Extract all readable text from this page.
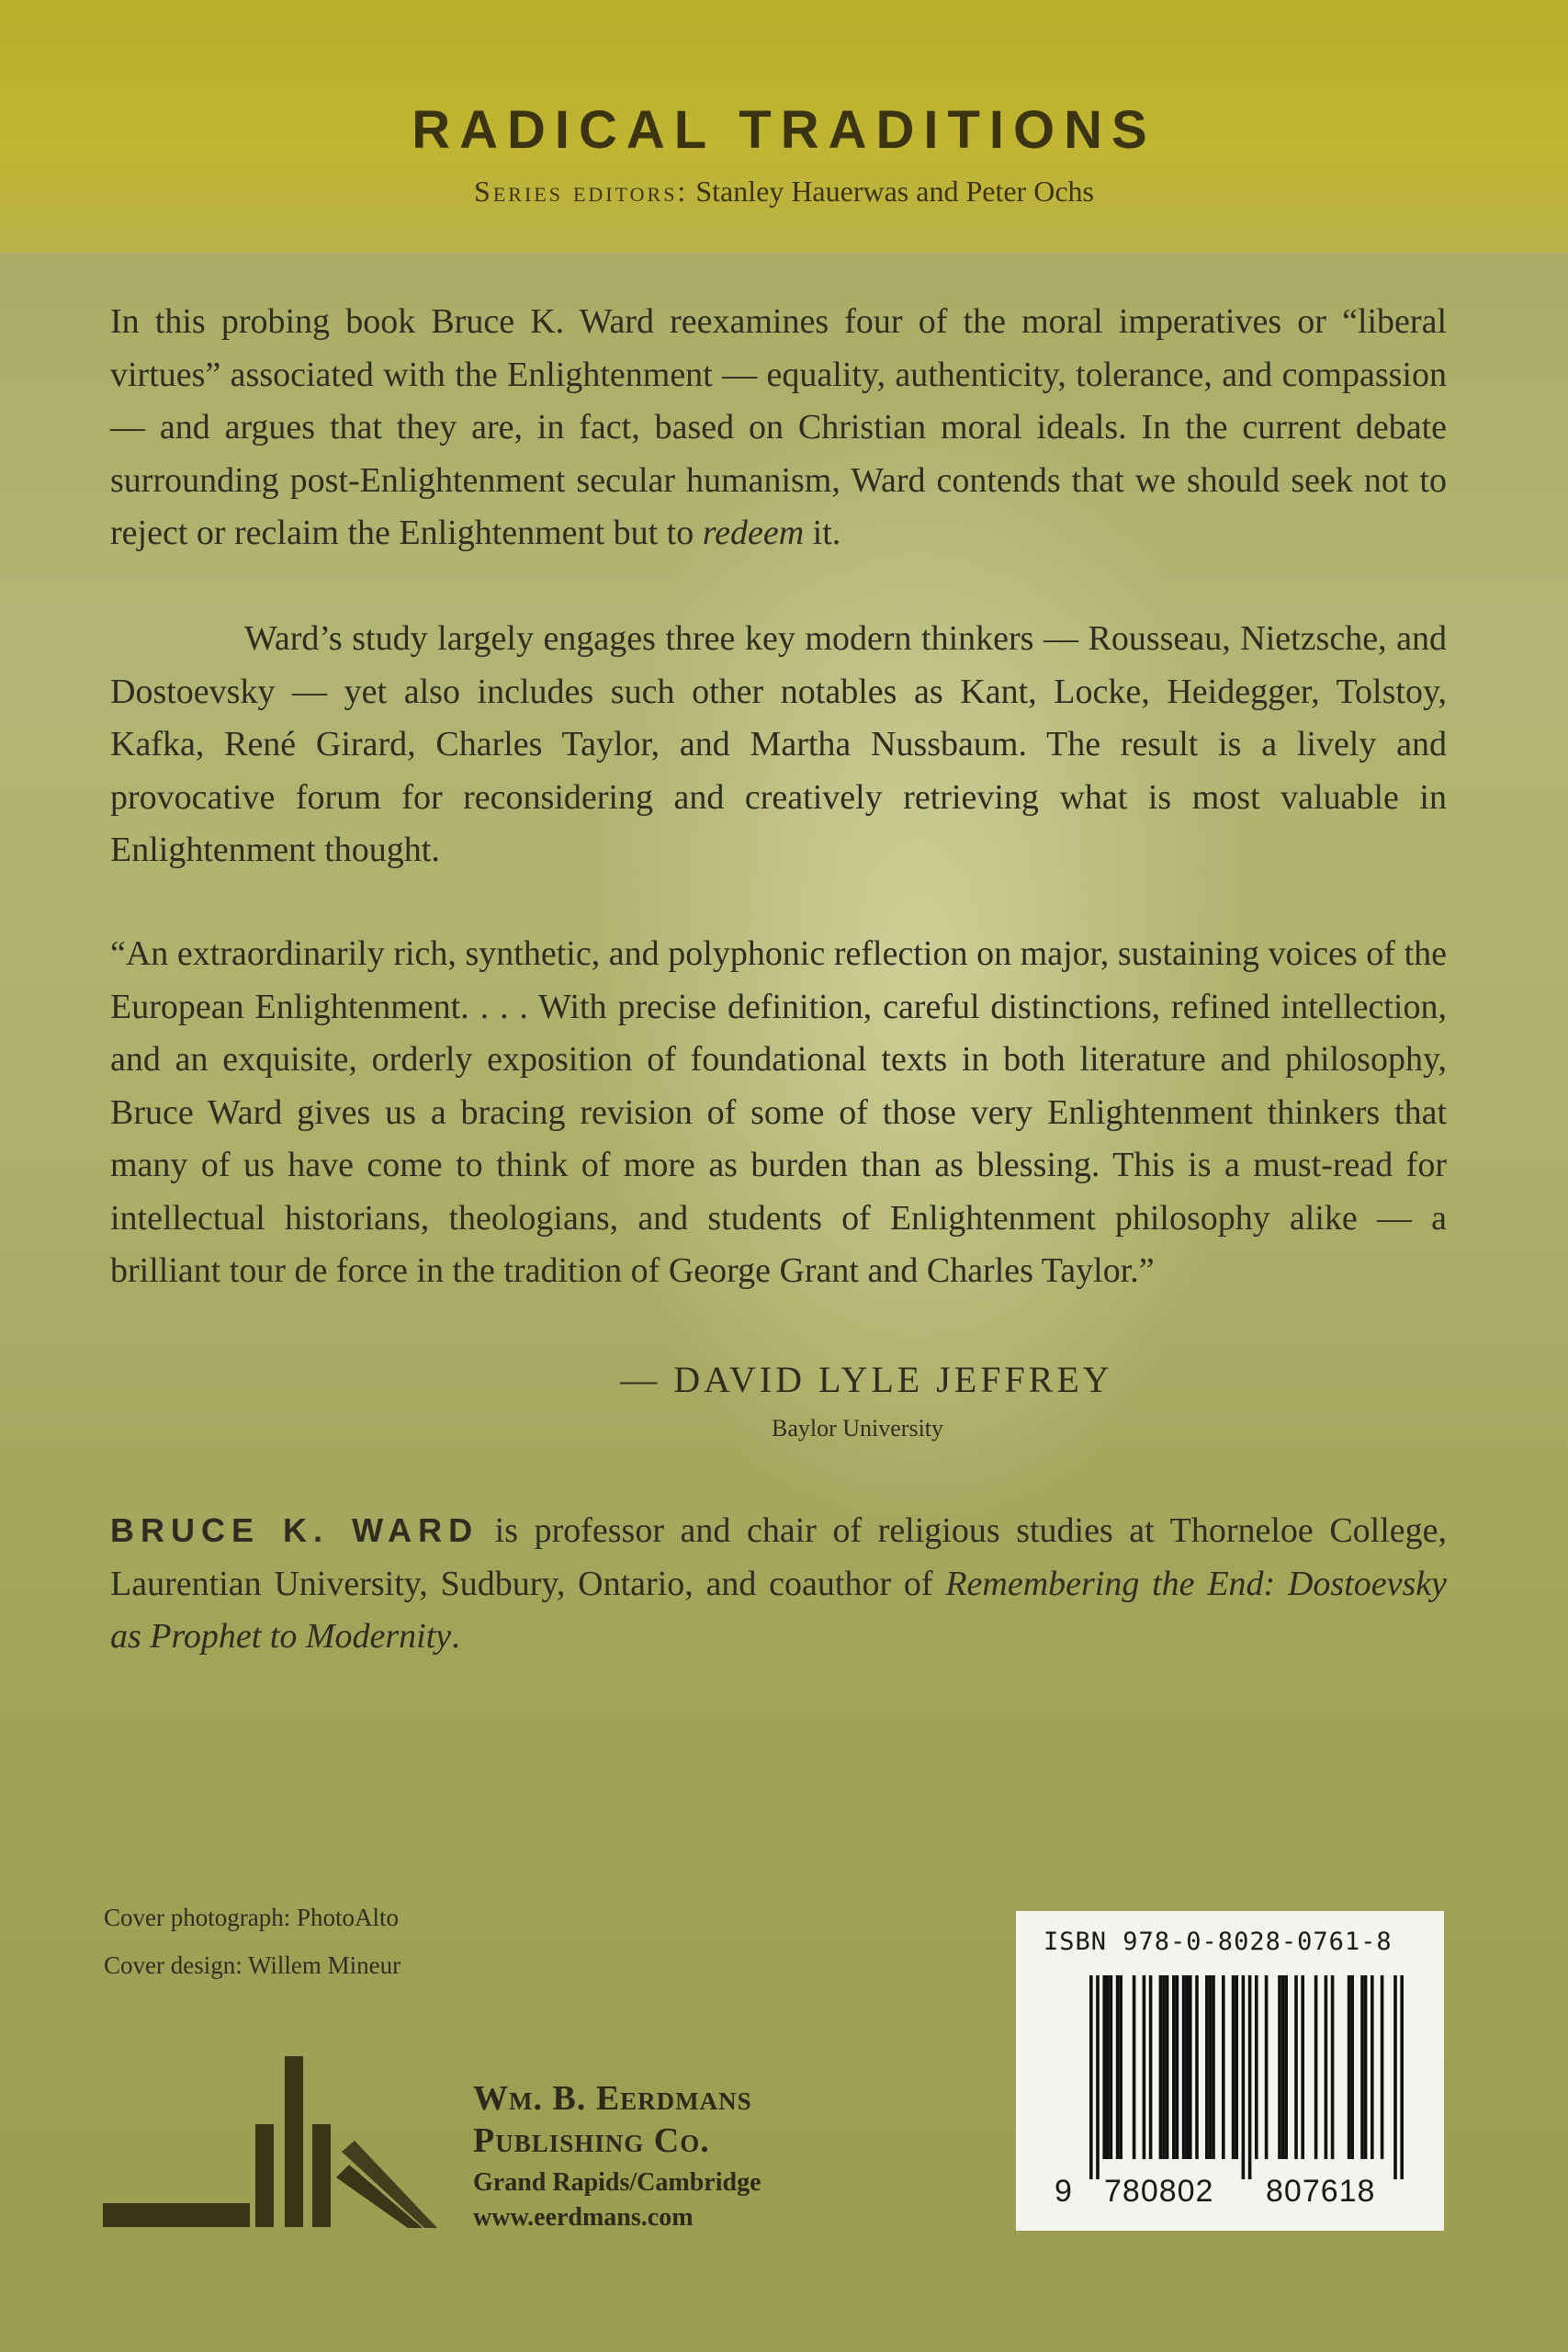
RADICAL TRADITIONS
Series editors: Stanley Hauerwas and Peter Ochs

In this probing book Bruce K. Ward reexamines four of the moral imperatives or “liberal virtues” associated with the Enlightenment — equality, authenticity, tolerance, and compassion — and argues that they are, in fact, based on Christian moral ideals. In the current debate surrounding post-Enlightenment secular humanism, Ward contends that we should seek not to reject or reclaim the Enlightenment but to redeem it.

Ward’s study largely engages three key modern thinkers — Rousseau, Nietzsche, and Dostoevsky — yet also includes such other notables as Kant, Locke, Heidegger, Tolstoy, Kafka, René Girard, Charles Taylor, and Martha Nussbaum. The result is a lively and provocative forum for reconsidering and creatively retrieving what is most valuable in Enlightenment thought.

“An extraordinarily rich, synthetic, and polyphonic reflection on major, sustaining voices of the European Enlightenment. . . . With precise definition, careful distinctions, refined intellection, and an exquisite, orderly exposition of foundational texts in both literature and philosophy, Bruce Ward gives us a bracing revision of some of those very Enlightenment thinkers that many of us have come to think of more as burden than as blessing. This is a must-read for intellectual historians, theologians, and students of Enlightenment philosophy alike — a brilliant tour de force in the tradition of George Grant and Charles Taylor.”

— DAVID LYLE JEFFREY
Baylor University

BRUCE K. WARD is professor and chair of religious studies at Thorneloe College, Laurentian University, Sudbury, Ontario, and coauthor of Remembering the End: Dostoevsky as Prophet to Modernity.

Cover photograph: PhotoAlto
Cover design: Willem Mineur
Wm. B. Eerdmans
Publishing Co.
Grand Rapids/Cambridge
www.eerdmans.com
ISBN 978-0-8028-0761-8
9 780802 807618
